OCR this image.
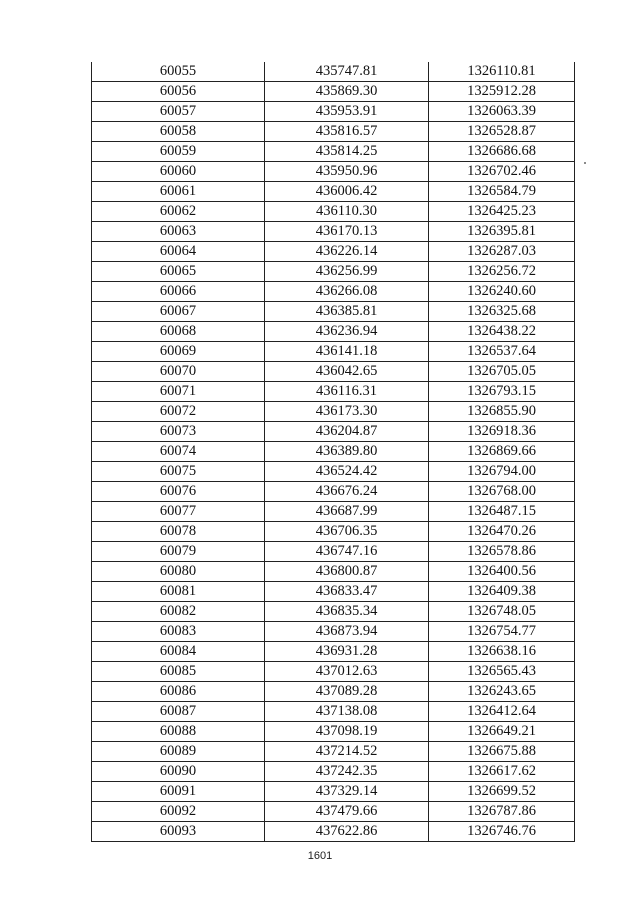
60055	435747.81	1326110.81
60056	435869.30	1325912.28
60057	435953.91	1326063.39
60058	435816.57	1326528.87
60059	435814.25	1326686.68
60060	435950.96	1326702.46
60061	436006.42	1326584.79
60062	436110.30	1326425.23
60063	436170.13	1326395.81
60064	436226.14	1326287.03
60065	436256.99	1326256.72
60066	436266.08	1326240.60
60067	436385.81	1326325.68
60068	436236.94	1326438.22
60069	436141.18	1326537.64
60070	436042.65	1326705.05
60071	436116.31	1326793.15
60072	436173.30	1326855.90
60073	436204.87	1326918.36
60074	436389.80	1326869.66
60075	436524.42	1326794.00
60076	436676.24	1326768.00
60077	436687.99	1326487.15
60078	436706.35	1326470.26
60079	436747.16	1326578.86
60080	436800.87	1326400.56
60081	436833.47	1326409.38
60082	436835.34	1326748.05
60083	436873.94	1326754.77
60084	436931.28	1326638.16
60085	437012.63	1326565.43
60086	437089.28	1326243.65
60087	437138.08	1326412.64
60088	437098.19	1326649.21
60089	437214.52	1326675.88
60090	437242.35	1326617.62
60091	437329.14	1326699.52
60092	437479.66	1326787.86
60093	437622.86	1326746.76
1601
